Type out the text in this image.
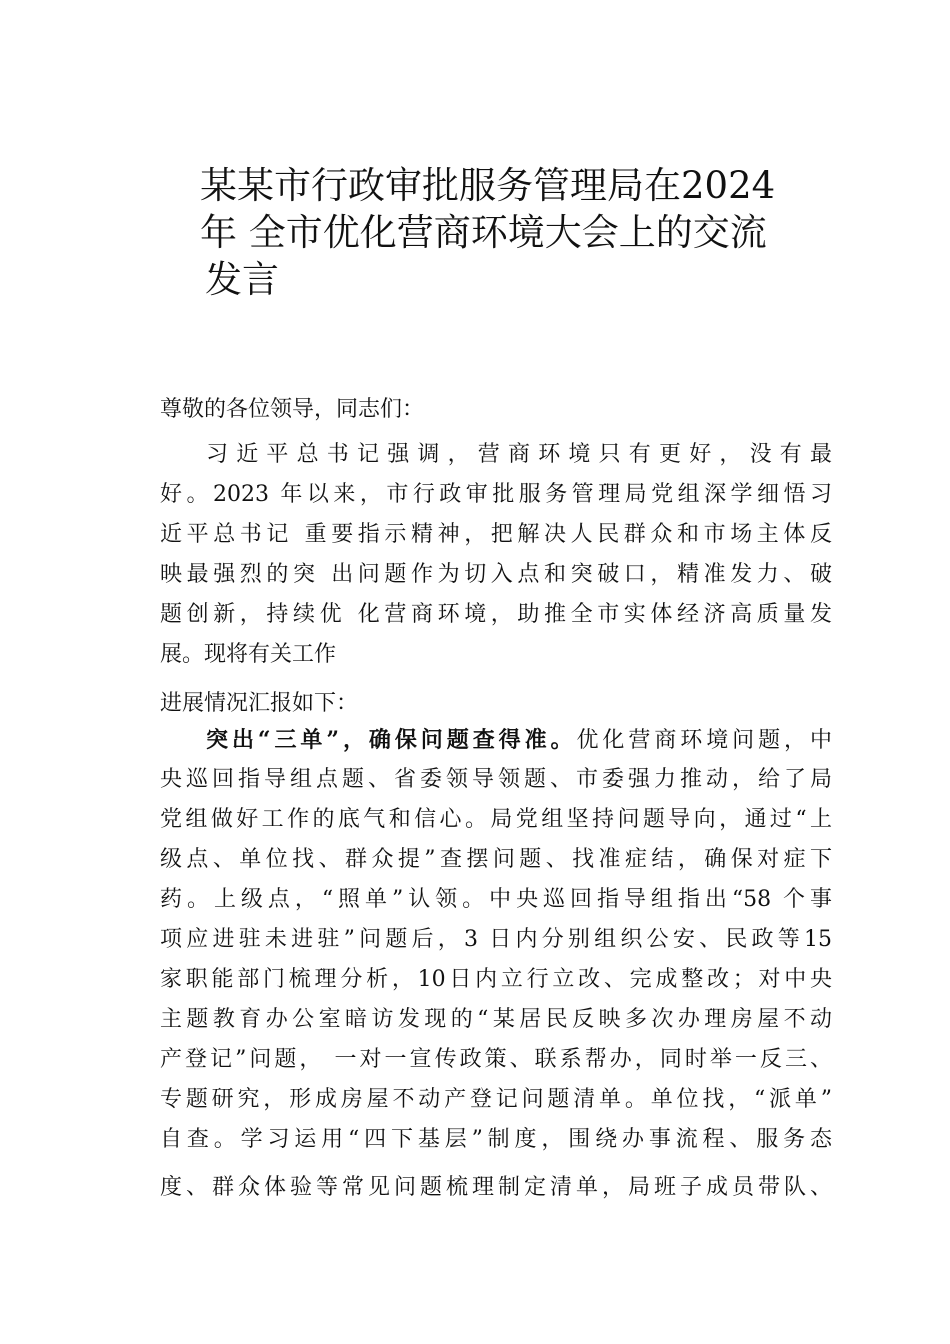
某某市行政审批服务管理局在2024
年 全市优化营商环境大会上的交流
发言
尊敬的各位领导，同志们：
习近平总书记强调，营商环境只有更好，没有最
好。2023 年以来，市行政审批服务管理局党组深学细悟习
近平总书记 重要指示精神，把解决人民群众和市场主体反
映最强烈的突 出问题作为切入点和突破口，精准发力、破
题创新，持续优 化营商环境，助推全市实体经济高质量发
展。现将有关工作
进展情况汇报如下：
突出“三单”，确保问题查得准。优化营商环境问题，中
央巡回指导组点题、省委领导领题、市委强力推动，给了局
党组做好工作的底气和信心。局党组坚持问题导向，通过“上
级点、单位找、群众提”查摆问题、找准症结，确保对症下
药。上级点，“照单”认领。中央巡回指导组指出“58 个事
项应进驻未进驻”问题后，3 日内分别组织公安、民政等15
家职能部门梳理分析，10日内立行立改、完成整改；对中央
主题教育办公室暗访发现的“某居民反映多次办理房屋不动
产登记”问题， 一对一宣传政策、联系帮办，同时举一反三、
专题研究，形成房屋不动产登记问题清单。单位找，“派单”
自查。学习运用“四下基层”制度，围绕办事流程、服务态
度、群众体验等常见问题梳理制定清单，局班子成员带队、
